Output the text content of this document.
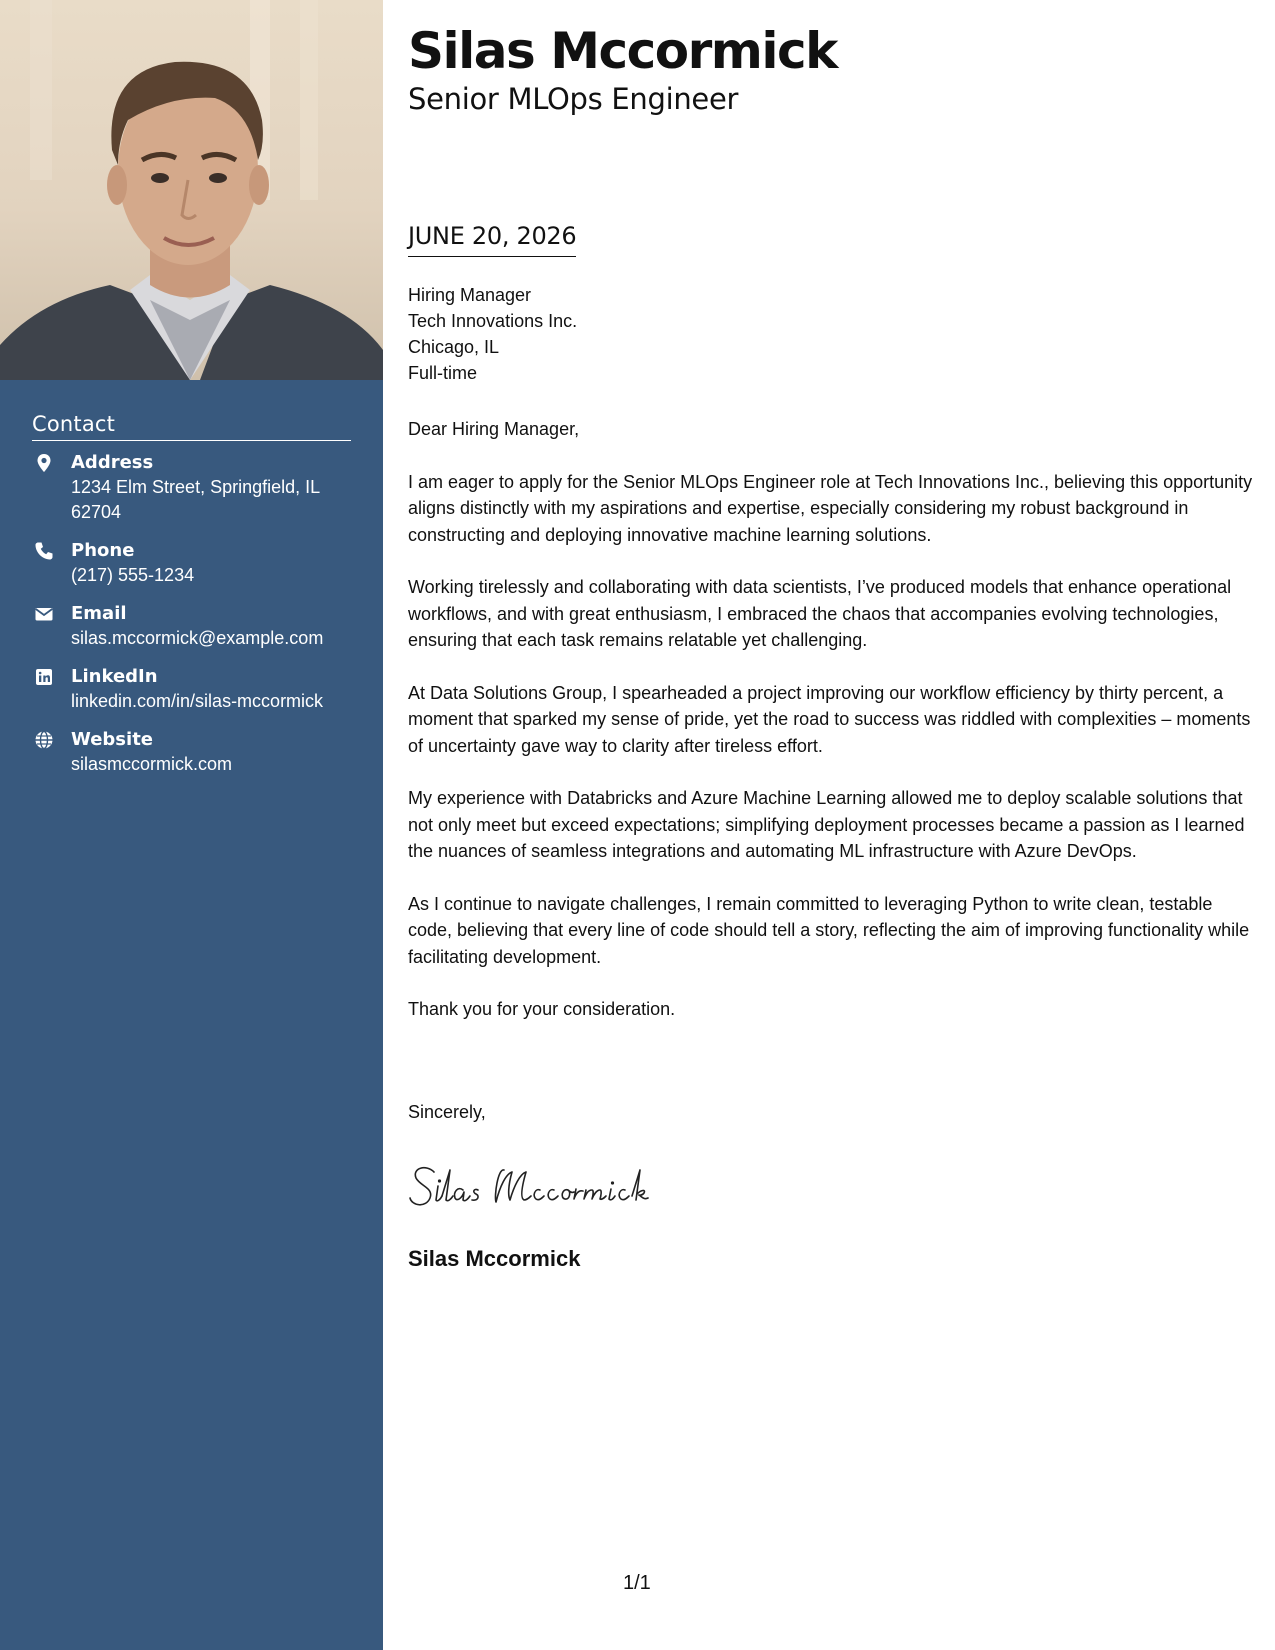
Contact
Address
1234 Elm Street, Springfield, IL 62704
Phone
(217) 555-1234
Email
silas.mccormick@example.com
LinkedIn
linkedin.com/in/silas-mccormick
Website
silasmccormick.com
Silas Mccormick
Senior MLOps Engineer
JUNE 20, 2026
Hiring Manager
Tech Innovations Inc.
Chicago, IL
Full-time

Dear Hiring Manager,

I am eager to apply for the Senior MLOps Engineer role at Tech Innovations Inc., believing this opportunity aligns distinctly with my aspirations and expertise, especially considering my robust background in constructing and deploying innovative machine learning solutions.

Working tirelessly and collaborating with data scientists, I’ve produced models that enhance operational workflows, and with great enthusiasm, I embraced the chaos that accompanies evolving technologies, ensuring that each task remains relatable yet challenging.

At Data Solutions Group, I spearheaded a project improving our workflow efficiency by thirty percent, a moment that sparked my sense of pride, yet the road to success was riddled with complexities – moments of uncertainty gave way to clarity after tireless effort.

My experience with Databricks and Azure Machine Learning allowed me to deploy scalable solutions that not only meet but exceed expectations; simplifying deployment processes became a passion as I learned the nuances of seamless integrations and automating ML infrastructure with Azure DevOps.

As I continue to navigate challenges, I remain committed to leveraging Python to write clean, testable code, believing that every line of code should tell a story, reflecting the aim of improving functionality while facilitating development.

Thank you for your consideration.

Sincerely,
Silas Mccormick
1/1
